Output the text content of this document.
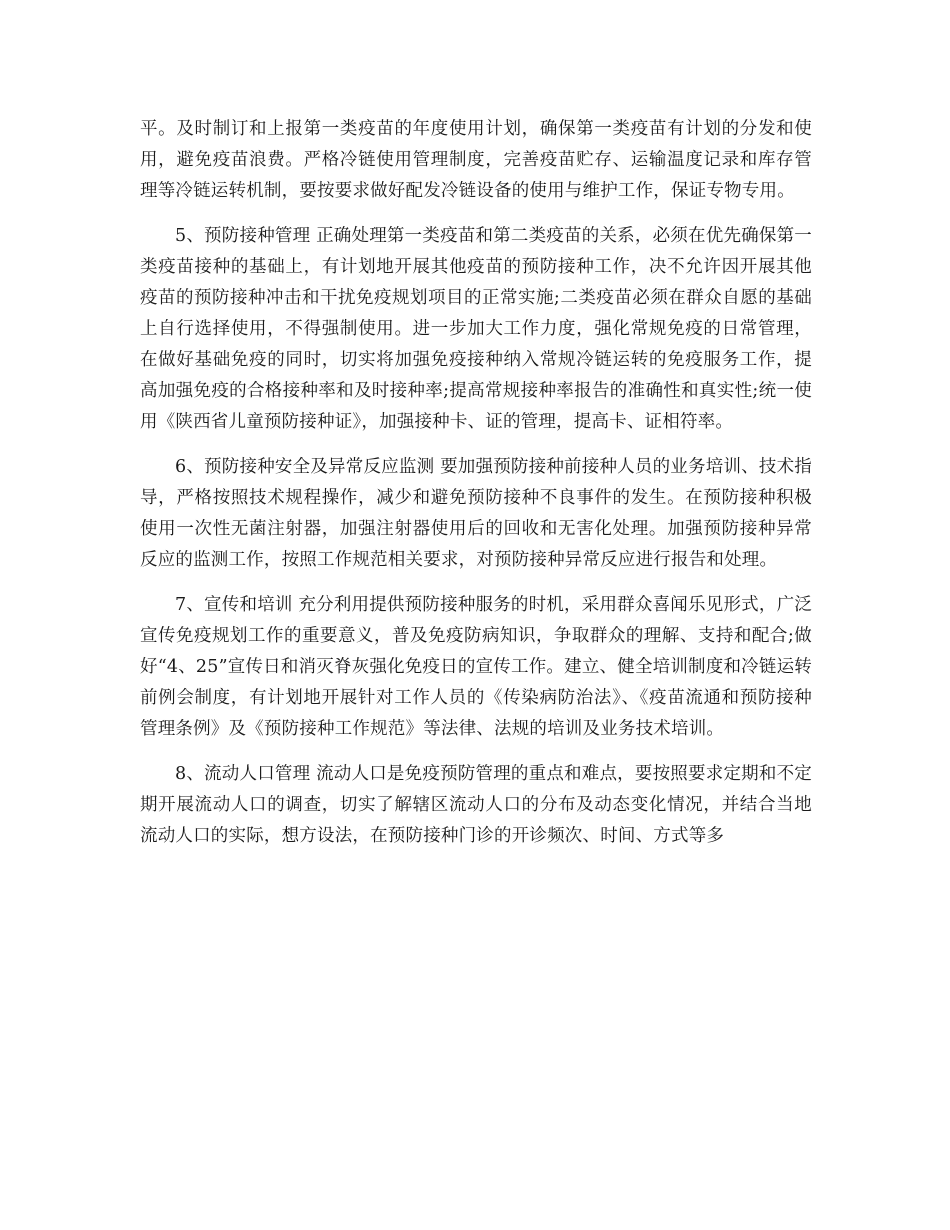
平。及时制订和上报第一类疫苗的年度使用计划，确保第一类疫苗有计划的分发和使用，避免疫苗浪费。严格冷链使用管理制度，完善疫苗贮存、运输温度记录和库存管理等冷链运转机制，要按要求做好配发冷链设备的使用与维护工作，保证专物专用。

5、预防接种管理 正确处理第一类疫苗和第二类疫苗的关系，必须在优先确保第一类疫苗接种的基础上，有计划地开展其他疫苗的预防接种工作，决不允许因开展其他疫苗的预防接种冲击和干扰免疫规划项目的正常实施;二类疫苗必须在群众自愿的基础上自行选择使用，不得强制使用。进一步加大工作力度，强化常规免疫的日常管理，在做好基础免疫的同时，切实将加强免疫接种纳入常规冷链运转的免疫服务工作，提高加强免疫的合格接种率和及时接种率;提高常规接种率报告的准确性和真实性;统一使用《陕西省儿童预防接种证》，加强接种卡、证的管理，提高卡、证相符率。

6、预防接种安全及异常反应监测 要加强预防接种前接种人员的业务培训、技术指导，严格按照技术规程操作，减少和避免预防接种不良事件的发生。在预防接种积极使用一次性无菌注射器，加强注射器使用后的回收和无害化处理。加强预防接种异常反应的监测工作，按照工作规范相关要求，对预防接种异常反应进行报告和处理。

7、宣传和培训 充分利用提供预防接种服务的时机，采用群众喜闻乐见形式，广泛宣传免疫规划工作的重要意义，普及免疫防病知识，争取群众的理解、支持和配合;做好“4、25”宣传日和消灭脊灰强化免疫日的宣传工作。建立、健全培训制度和冷链运转前例会制度，有计划地开展针对工作人员的《传染病防治法》、《疫苗流通和预防接种管理条例》及《预防接种工作规范》等法律、法规的培训及业务技术培训。

8、流动人口管理 流动人口是免疫预防管理的重点和难点，要按照要求定期和不定期开展流动人口的调查，切实了解辖区流动人口的分布及动态变化情况，并结合当地流动人口的实际，想方设法，在预防接种门诊的开诊频次、时间、方式等多
